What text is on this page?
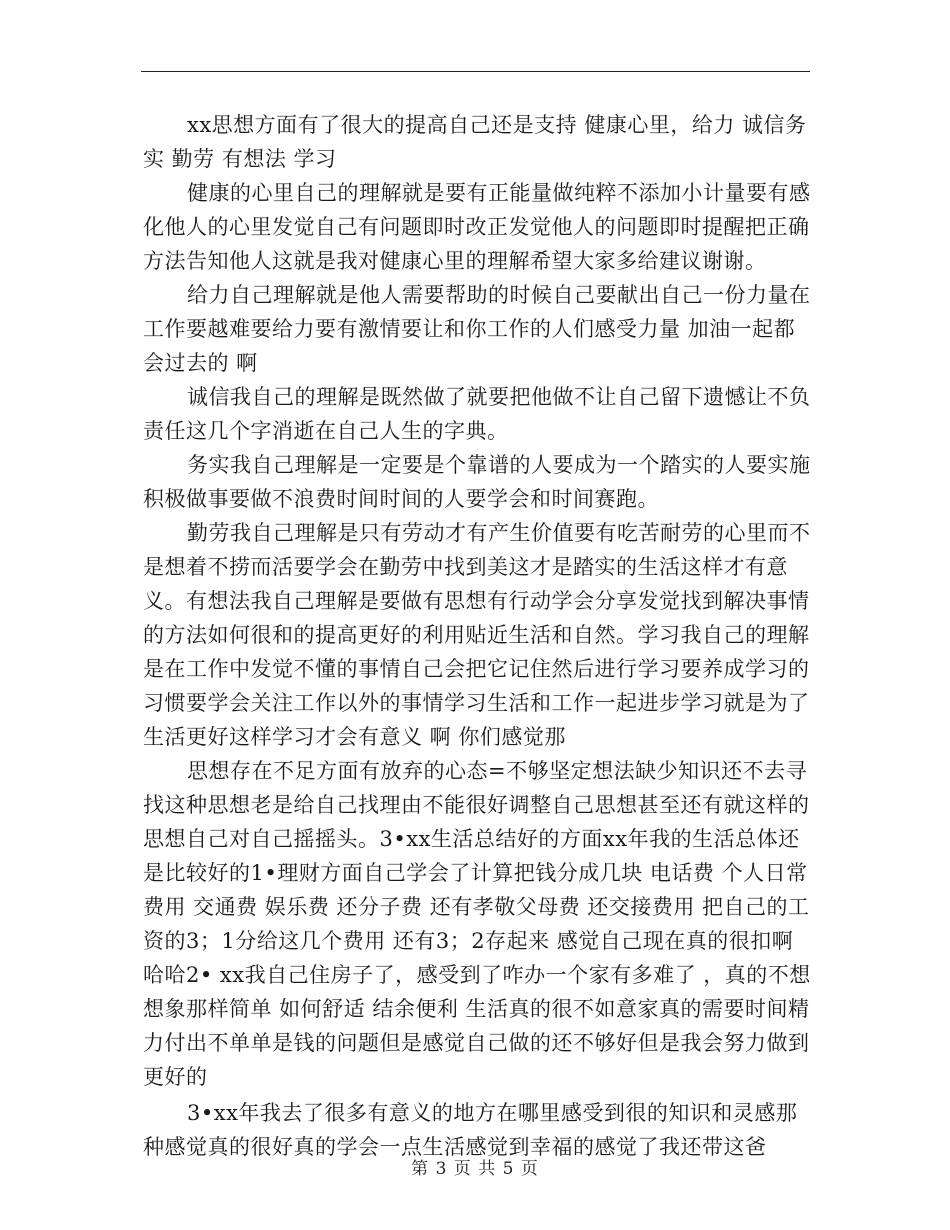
xx思想方面有了很大的提高自己还是支持 健康心里，给力 诚信务实 勤劳 有想法 学习

健康的心里自己的理解就是要有正能量做纯粹不添加小计量要有感化他人的心里发觉自己有问题即时改正发觉他人的问题即时提醒把正确方法告知他人这就是我对健康心里的理解希望大家多给建议谢谢。

给力自己理解就是他人需要帮助的时候自己要献出自己一份力量在工作要越难要给力要有激情要让和你工作的人们感受力量 加油一起都会过去的 啊

诚信我自己的理解是既然做了就要把他做不让自己留下遗憾让不负责任这几个字消逝在自己人生的字典。

务实我自己理解是一定要是个靠谱的人要成为一个踏实的人要实施积极做事要做不浪费时间时间的人要学会和时间赛跑。

勤劳我自己理解是只有劳动才有产生价值要有吃苦耐劳的心里而不是想着不捞而活要学会在勤劳中找到美这才是踏实的生活这样才有意义。有想法我自己理解是要做有思想有行动学会分享发觉找到解决事情的方法如何很和的提高更好的利用贴近生活和自然。学习我自己的理解是在工作中发觉不懂的事情自己会把它记住然后进行学习要养成学习的习惯要学会关注工作以外的事情学习生活和工作一起进步学习就是为了生活更好这样学习才会有意义 啊 你们感觉那

思想存在不足方面有放弃的心态=不够坚定想法缺少知识还不去寻找这种思想老是给自己找理由不能很好调整自己思想甚至还有就这样的思想自己对自己摇摇头。3•xx生活总结好的方面xx年我的生活总体还是比较好的1•理财方面自己学会了计算把钱分成几块 电话费 个人日常费用 交通费 娱乐费 还分子费 还有孝敬父母费 还交接费用 把自己的工资的3；1分给这几个费用 还有3；2存起来 感觉自己现在真的很扣啊哈哈2• xx我自己住房子了，感受到了咋办一个家有多难了 ，真的不想想象那样简单 如何舒适 结余便利 生活真的很不如意家真的需要时间精力付出不单单是钱的问题但是感觉自己做的还不够好但是我会努力做到更好的

3•xx年我去了很多有意义的地方在哪里感受到很的知识和灵感那种感觉真的很好真的学会一点生活感觉到幸福的感觉了我还带这爸

第 3 页 共 5 页
